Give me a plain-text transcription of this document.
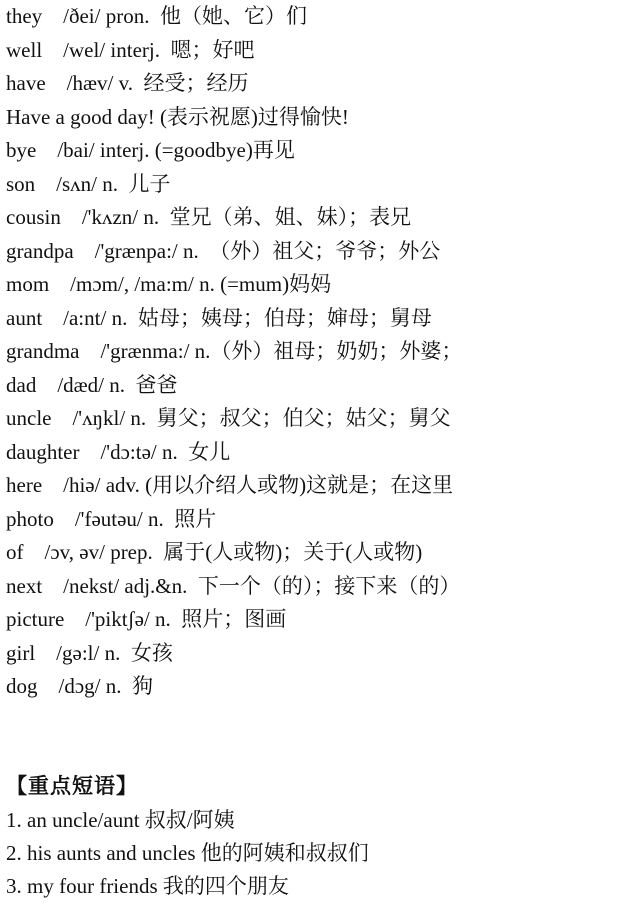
they    /ðei/ pron.  他（她、它）们
well    /wel/ interj.  嗯；好吧
have    /hæv/ v.  经受；经历
Have a good day! (表示祝愿)过得愉快!
bye    /bai/ interj. (=goodbye)再见
son    /sʌn/ n.  儿子
cousin    /'kʌzn/ n.  堂兄（弟、姐、妹）；表兄
grandpa    /'grænpa:/ n.  （外）祖父；爷爷；外公
mom    /mɔm/, /ma:m/ n. (=mum)妈妈
aunt    /a:nt/ n.  姑母；姨母；伯母；婶母；舅母
grandma    /'grænma:/ n.（外）祖母；奶奶；外婆；
dad    /dæd/ n.  爸爸
uncle    /'ʌŋkl/ n.  舅父；叔父；伯父；姑父；舅父
daughter    /'dɔ:tə/ n.  女儿
here    /hiə/ adv. (用以介绍人或物)这就是；在这里
photo    /'fəutəu/ n.  照片
of    /ɔv, əv/ prep.  属于(人或物)；关于(人或物)
next    /nekst/ adj.&n.  下一个（的）；接下来（的）
picture    /'piktʃə/ n.  照片；图画
girl    /gə:l/ n.  女孩
dog    /dɔg/ n.  狗
【重点短语】
1. an uncle/aunt 叔叔/阿姨
2. his aunts and uncles 他的阿姨和叔叔们
3. my four friends 我的四个朋友
